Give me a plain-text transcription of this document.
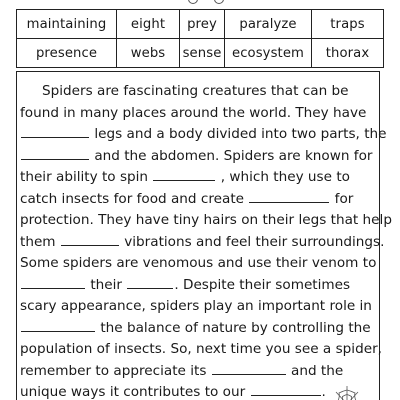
maintaining	eight	prey	paralyze	traps
presence	webs	sense	ecosystem	thorax
Spiders are fascinating creatures that can be
found in many places around the world. They have
legs and a body divided into two parts, the
and the abdomen. Spiders are known for
their ability to spin	, which they use to
catch insects for food and create	for
protection. They have tiny hairs on their legs that help
them	vibrations and feel their surroundings.
Some spiders are venomous and use their venom to
their	. Despite their sometimes
scary appearance, spiders play an important role in
the balance of nature by controlling the
population of insects. So, next time you see a spider,
remember to appreciate its	and the
unique ways it contributes to our	.
